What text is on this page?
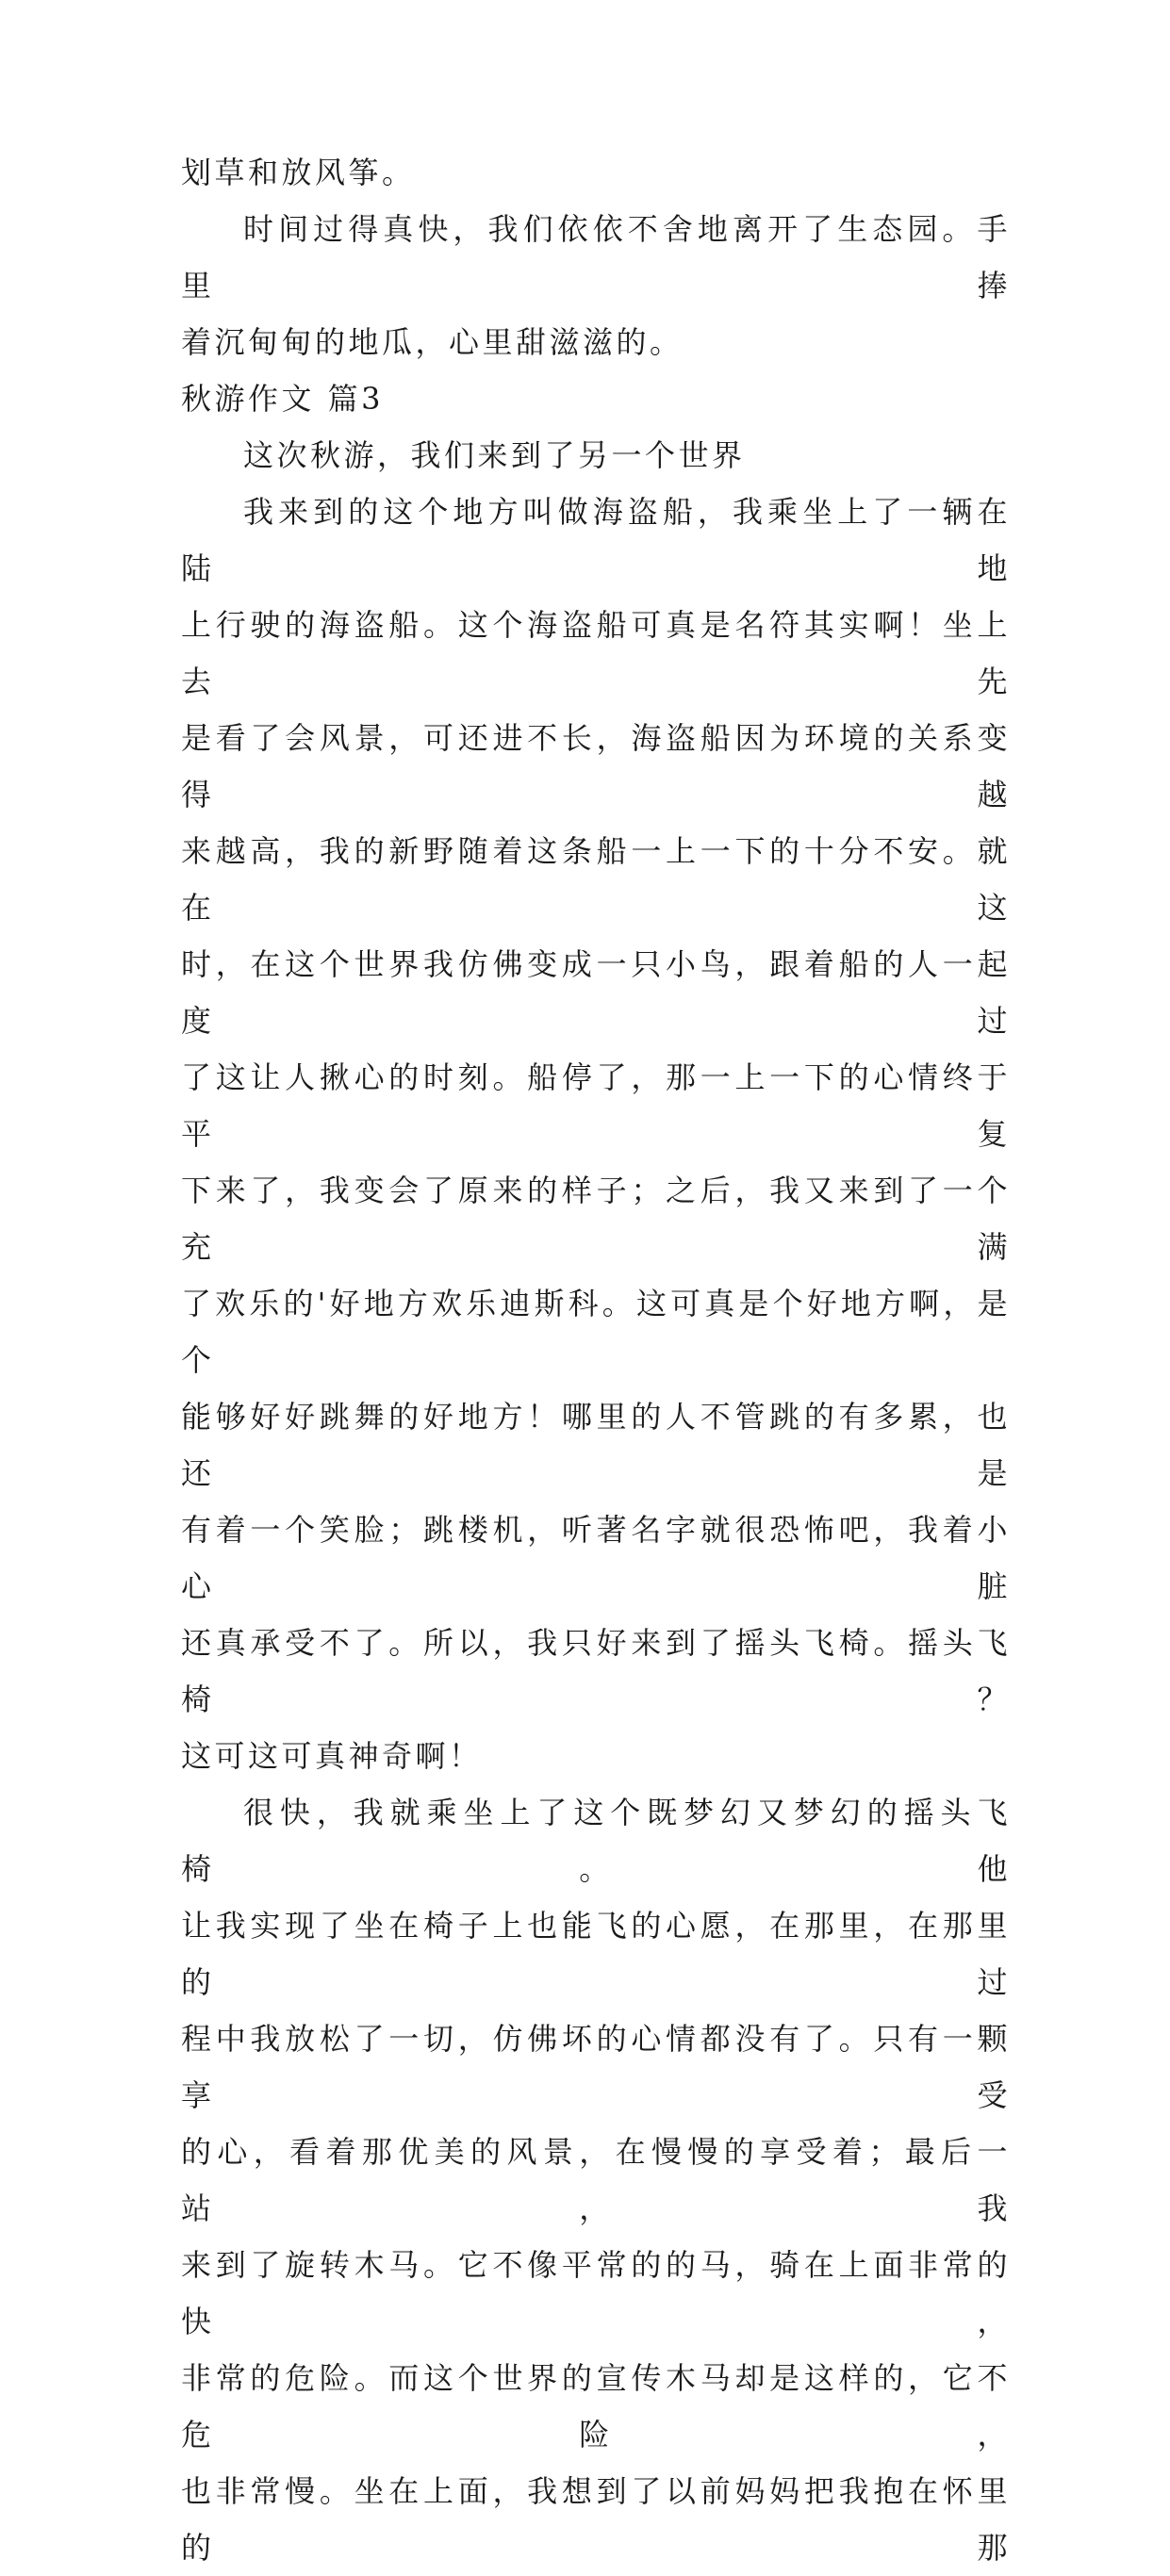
划草和放风筝。

时间过得真快，我们依依不舍地离开了生态园。手里捧
着沉甸甸的地瓜，心里甜滋滋的。

秋游作文 篇3

这次秋游，我们来到了另一个世界

我来到的这个地方叫做海盗船，我乘坐上了一辆在陆地
上行驶的海盗船。这个海盗船可真是名符其实啊！坐上去先
是看了会风景，可还进不长，海盗船因为环境的关系变得越
来越高，我的新野随着这条船一上一下的十分不安。就在这
时，在这个世界我仿佛变成一只小鸟，跟着船的人一起度过
了这让人揪心的时刻。船停了，那一上一下的心情终于平复
下来了，我变会了原来的样子；之后，我又来到了一个充满
了欢乐的'好地方欢乐迪斯科。这可真是个好地方啊，是个
能够好好跳舞的好地方！哪里的人不管跳的有多累，也还是
有着一个笑脸；跳楼机，听著名字就很恐怖吧，我着小心脏
还真承受不了。所以，我只好来到了摇头飞椅。摇头飞椅？
这可这可真神奇啊！

很快，我就乘坐上了这个既梦幻又梦幻的摇头飞椅。他
让我实现了坐在椅子上也能飞的心愿，在那里，在那里的过
程中我放松了一切，仿佛坏的心情都没有了。只有一颗享受
的心，看着那优美的风景，在慢慢的享受着；最后一站，我
来到了旋转木马。它不像平常的的马，骑在上面非常的快，
非常的危险。而这个世界的宣传木马却是这样的，它不危险，
也非常慢。坐在上面，我想到了以前妈妈把我抱在怀里的那
